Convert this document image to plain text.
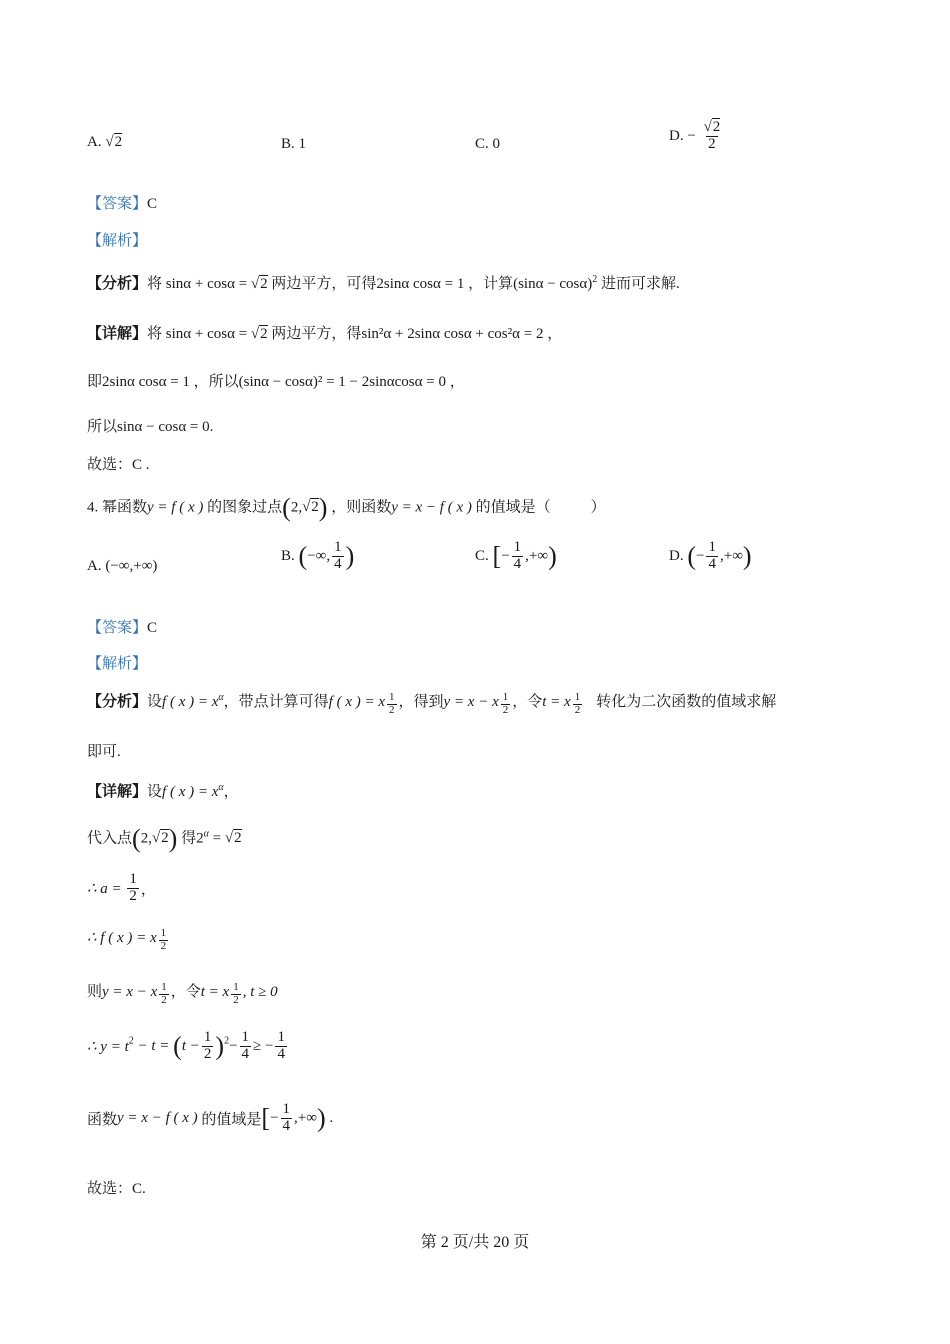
A. √2	B. 1	C. 0
D. − $\frac{√2}{2}$
【答案】C
【解析】
【分析】将 sinα + cosα = √2 两边平方，可得2sinα cosα = 1 ，计算$(\sin\alpha - \cos\alpha)^2$ 进而可求解.
【详解】将 sinα + cosα = √2 两边平方，得sin²α + 2sinα cosα + cos²α = 2 ，
即2sinα cosα = 1 ，所以(sinα − cosα)² = 1 − 2sinαcosα = 0 ，
所以sinα − cosα = 0.
故选：C .
4. 幂函数y = f ( x ) 的图象过点(2,√2) ，则函数y = x − f ( x ) 的值域是（	）
A. (−∞,+∞)
B. (−∞, $\frac{1}{4}$ )	C. [− $\frac{1}{4}$ ,+∞)	D. (− $\frac{1}{4}$ ,+∞)
【答案】C
【解析】
【分析】设f ( x ) = $x^\alpha$，带点计算可得f ( x ) = x $^{\frac{1}{2}}$ ，得到y = x − x $^{\frac{1}{2}}$ ，令t = x $^{\frac{1}{2}}$ 转化为二次函数的值域求解
即可.
【详解】设f ( x ) = $x^\alpha$，
代入点(2,√2) 得$2^\alpha = √2$
∴ $a = \frac{1}{2}$ ，
∴ f ( x ) = x $^{\frac{1}{2}}$
则y = x − x $^{\frac{1}{2}}$ ，令t = x $^{\frac{1}{2}}$ , t ≥ 0
∴ $y = t^2 - t = (t - \frac{1}{2} )^2- \frac{1}{4}$ ≥ − $\frac{1}{4}$
函数y = x − f ( x ) 的值域是[− $\frac{1}{4}$ ,+∞) .
故选：C.
第 2 页/共 20 页
